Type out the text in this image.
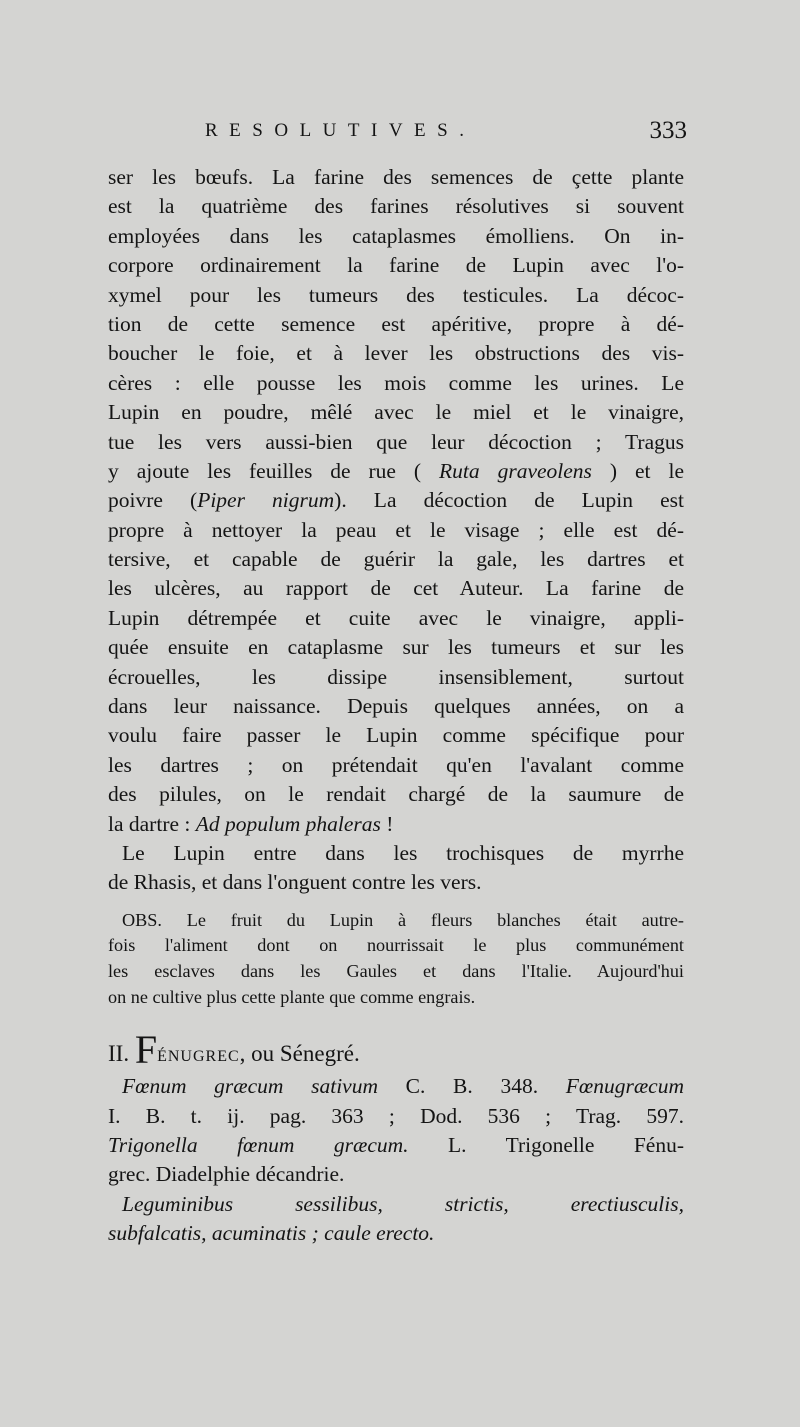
RESOLUTIVES.	333
ser les bœufs. La farine des semences de çette plante
est la quatrième des farines résolutives si souvent
employées dans les cataplasmes émolliens. On in-
corpore ordinairement la farine de Lupin avec l'o-
xymel pour les tumeurs des testicules. La décoc-
tion de cette semence est apéritive, propre à dé-
boucher le foie, et à lever les obstructions des vis-
cères : elle pousse les mois comme les urines. Le
Lupin en poudre, mêlé avec le miel et le vinaigre,
tue les vers aussi-bien que leur décoction ; Tragus
y ajoute les feuilles de rue ( Ruta graveolens ) et le
poivre (Piper nigrum). La décoction de Lupin est
propre à nettoyer la peau et le visage ; elle est dé-
tersive, et capable de guérir la gale, les dartres et
les ulcères, au rapport de cet Auteur. La farine de
Lupin détrempée et cuite avec le vinaigre, appli-
quée ensuite en cataplasme sur les tumeurs et sur les
écrouelles, les dissipe insensiblement, surtout
dans leur naissance. Depuis quelques années, on a
voulu faire passer le Lupin comme spécifique pour
les dartres ; on prétendait qu'en l'avalant comme
des pilules, on le rendait chargé de la saumure de
la dartre : Ad populum phaleras !
Le Lupin entre dans les trochisques de myrrhe
de Rhasis, et dans l'onguent contre les vers.
OBS. Le fruit du Lupin à fleurs blanches était autre-
fois l'aliment dont on nourrissait le plus communément
les esclaves dans les Gaules et dans l'Italie. Aujourd'hui
on ne cultive plus cette plante que comme engrais.
II. FÉNUGREC, ou Sénegré.
Fœnum græcum sativum C. B. 348. Fœnugræcum
I. B. t. ij. pag. 363 ; Dod. 536 ; Trag. 597.
Trigonella fœnum græcum. L. Trigonelle Fénu-
grec. Diadelphie décandrie.
Leguminibus sessilibus, strictis, erectiusculis,
subfalcatis, acuminatis ; caule erecto.
